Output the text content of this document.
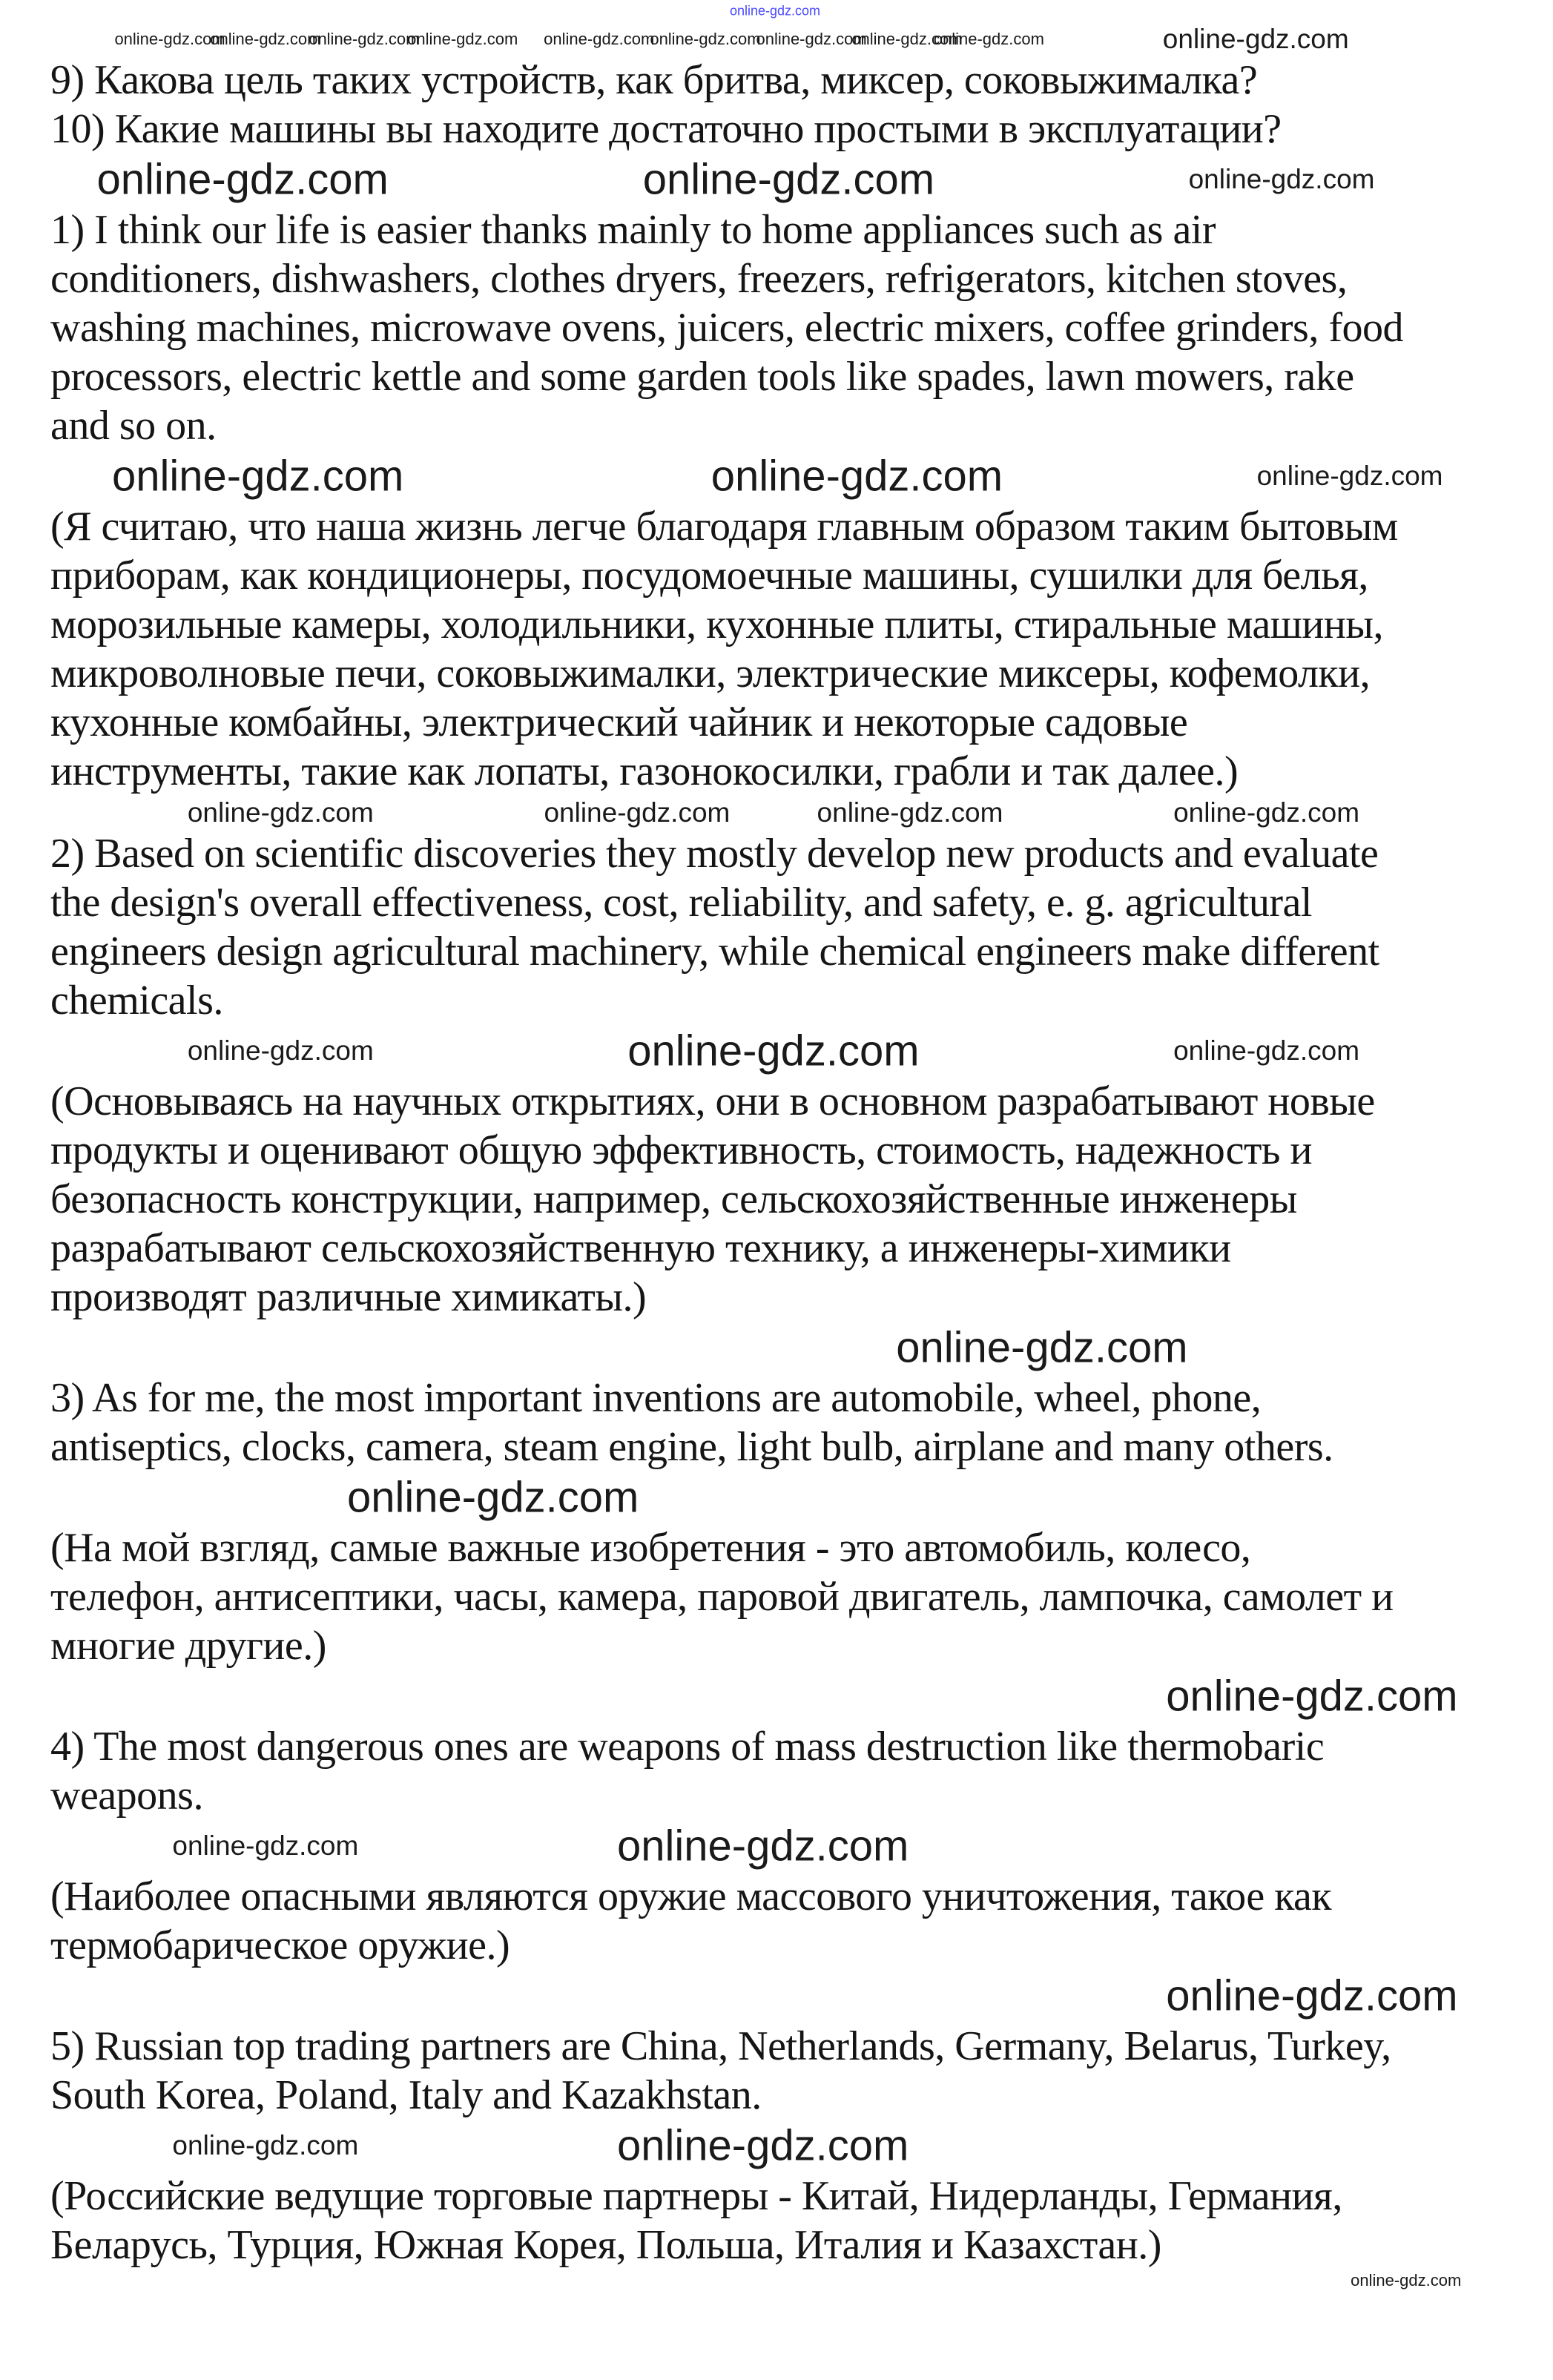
online-gdz.com
online-gdz.com
online-gdz.com
online-gdz.com
online-gdz.com online-gdz.com
online-gdz.com
online-gdz.com
online-gdz.com
online-gdz.com	online-gdz.com
9) Какова цель таких устройств, как бритва, миксер, соковыжималка?
10) Какие машины вы находите достаточно простыми в эксплуатации?
online-gdz.com	online-gdz.com	online-gdz.com
1) I think our life is easier thanks mainly to home appliances such as air
conditioners, dishwashers, clothes dryers, freezers, refrigerators, kitchen stoves,
washing machines, microwave ovens, juicers, electric mixers, coffee grinders, food
processors, electric kettle and some garden tools like spades, lawn mowers, rake
and so on.
online-gdz.com	online-gdz.com	online-gdz.com
(Я считаю, что наша жизнь легче благодаря главным образом таким бытовым
приборам, как кондиционеры, посудомоечные машины, сушилки для белья,
морозильные камеры, холодильники, кухонные плиты, стиральные машины,
микроволновые печи, соковыжималки, электрические миксеры, кофемолки,
кухонные комбайны, электрический чайник и некоторые садовые
инструменты, такие как лопаты, газонокосилки, грабли и так далее.)
online-gdz.com	online-gdz.com	online-gdz.com	online-gdz.com
2) Based on scientific discoveries they mostly develop new products and evaluate
the design's overall effectiveness, cost, reliability, and safety, e. g. agricultural
engineers design agricultural machinery, while chemical engineers make different
chemicals.
online-gdz.com	online-gdz.com	online-gdz.com
(Основываясь на научных открытиях, они в основном разрабатывают новые
продукты и оценивают общую эффективность, стоимость, надежность и
безопасность конструкции, например, сельскохозяйственные инженеры
разрабатывают сельскохозяйственную технику, а инженеры-химики
производят различные химикаты.)
online-gdz.com
3) As for me, the most important inventions are automobile, wheel, phone,
antiseptics, clocks, camera, steam engine, light bulb, airplane and many others.
online-gdz.com
(На мой взгляд, самые важные изобретения - это автомобиль, колесо,
телефон, антисептики, часы, камера, паровой двигатель, лампочка, самолет и
многие другие.)
online-gdz.com
4) The most dangerous ones are weapons of mass destruction like thermobaric
weapons.
online-gdz.com	online-gdz.com
(Наиболее опасными являются оружие массового уничтожения, такое как
термобарическое оружие.)
online-gdz.com
5) Russian top trading partners are China, Netherlands, Germany, Belarus, Turkey,
South Korea, Poland, Italy and Kazakhstan.
online-gdz.com	online-gdz.com
(Российские ведущие торговые партнеры - Китай, Нидерланды, Германия,
Беларусь, Турция, Южная Корея, Польша, Италия и Казахстан.)
online-gdz.com
